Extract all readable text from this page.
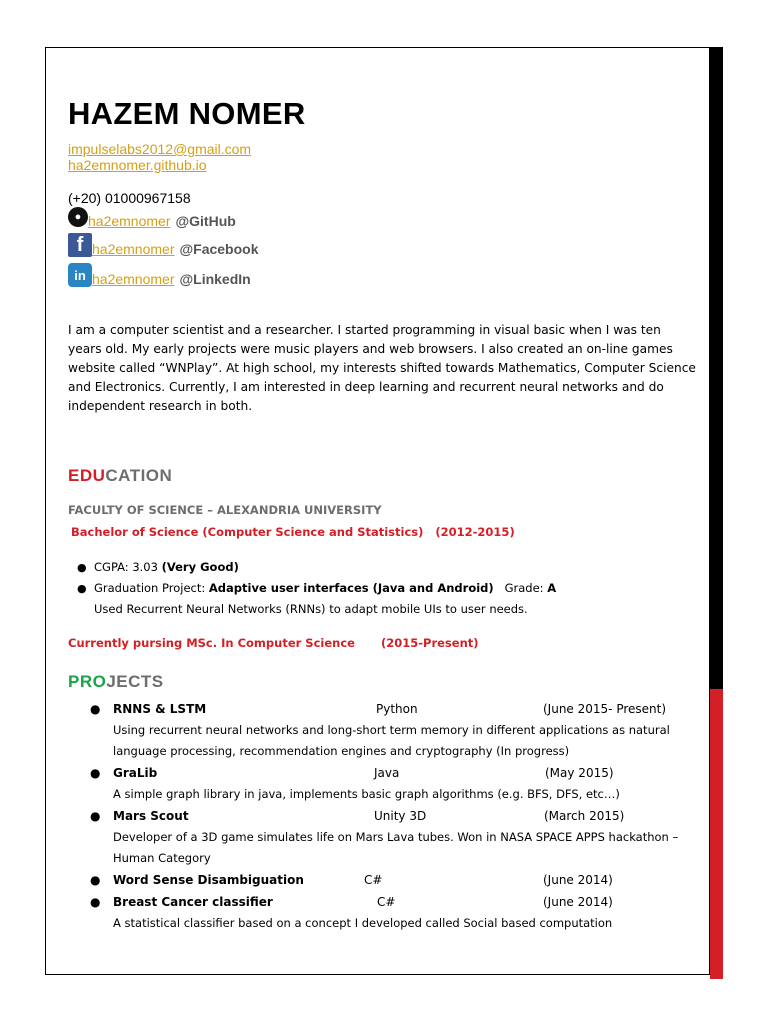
HAZEM NOMER
impulselabs2012@gmail.com
ha2emnomer.github.io
(+20) 01000967158
● ha2emnomer @GitHub
f ha2emnomer @Facebook
in ha2emnomer @LinkedIn

I am a computer scientist and a researcher. I started programming in visual basic when I was ten years old. My early projects were music players and web browsers. I also created an on-line games website called “WNPlay”. At high school, my interests shifted towards Mathematics, Computer Science and Electronics. Currently, I am interested in deep learning and recurrent neural networks and do independent research in both.

EDUCATION
FACULTY OF SCIENCE – ALEXANDRIA UNIVERSITY
Bachelor of Science (Computer Science and Statistics)   (2012-2015)
● CGPA: 3.03 (Very Good)
● Graduation Project: Adaptive user interfaces (Java and Android)   Grade: A
Used Recurrent Neural Networks (RNNs) to adapt mobile UIs to user needs.
Currently pursing MSc. In Computer Science (2015-Present)
PROJECTS
● RNNS & LSTM	Python	(June 2015- Present)
Using recurrent neural networks and long-short term memory in different applications as natural language processing, recommendation engines and cryptography (In progress)
● GraLib	Java	(May 2015)
A simple graph library in java, implements basic graph algorithms (e.g. BFS, DFS, etc…)
● Mars Scout	Unity 3D	(March 2015)
Developer of a 3D game simulates life on Mars Lava tubes. Won in NASA SPACE APPS hackathon – Human Category
● Word Sense Disambiguation	C#	(June 2014)
● Breast Cancer classifier	C#	(June 2014)
A statistical classifier based on a concept I developed called Social based computation
